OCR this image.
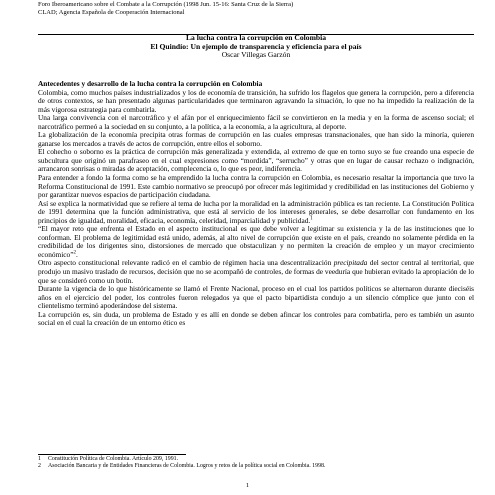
Foro Iberoamericano sobre el Combate a la Corrupción (1998 Jun. 15-16: Santa Cruz de la Sierra)
CLAD; Agencia Española de Cooperación Internacional
La lucha contra la corrupción en Colombia
El Quindío: Un ejemplo de transparencia y eficiencia para el país
Oscar Villegas Garzón

Antecedentes y desarrollo de la lucha contra la corrupción en Colombia

Colombia, como muchos países industrializados y los de economía de transición, ha sufrido los flagelos que genera la corrupción, pero a diferencia de otros contextos, se han presentado algunas particularidades que terminaron agravando la situación, lo que no ha impedido la realización de la más vigorosa estrategia para combatirla.

Una larga convivencia con el narcotráfico y el afán por el enriquecimiento fácil se convirtieron en la media y en la forma de ascenso social; el narcotráfico permeó a la sociedad en su conjunto, a la política, a la economía, a la agricultura, al deporte.

La globalización de la economía precipita otras formas de corrupción en las cuales empresas transnacionales, que han sido la minoría, quieren ganarse los mercados a través de actos de corrupción, entre ellos el soborno.

El cohecho o soborno es la práctica de corrupción más generalizada y extendida, al extremo de que en torno suyo se fue creando una especie de subcultura que originó un parafraseo en el cual expresiones como “mordida”, “serrucho” y otras que en lugar de causar rechazo o indignación, arrancaron sonrisas o miradas de aceptación, complecencia o, lo que es peor, indiferencia.

Para entender a fondo la forma como se ha emprendido la lucha contra la corrupción en Colombia, es necesario resaltar la importancia que tuvo la Reforma Constitucional de 1991. Este cambio normativo se preocupó por ofrecer más legitimidad y credibilidad en las instituciones del Gobierno y por garantizar nuevos espacios de participación ciudadana.

Así se explica la normatividad que se refiere al tema de lucha por la moralidad en la administración pública es tan reciente. La Constitución Política de 1991 determina que la función administrativa, que está al servicio de los intereses generales, se debe desarrollar con fundamento en los principios de igualdad, moralidad, eficacia, economía, celeridad, imparcialidad y publicidad.$^1$

“El mayor reto que enfrenta el Estado en el aspecto institucional es que debe volver a legitimar su existencia y la de las instituciones que lo conforman. El problema de legitimidad está unido, además, al alto nivel de corrupción que existe en el país, creando no solamente pérdida en la credibilidad de los dirigentes sino, distorsiones de mercado que obstaculizan y no permiten la creación de empleo y un mayor crecimiento económico”$^2$.

Otro aspecto constitucional relevante radicó en el cambio de régimen hacia una descentralización precipitada del sector central al territorial, que produjo un masivo traslado de recursos, decisión que no se acompañó de controles, de formas de veeduría que hubieran evitado la apropiación de lo que se consideró como un botín.

Durante la vigencia de lo que históricamente se llamó el Frente Nacional, proceso en el cual los partidos políticos se alternaron durante dieciséis años en el ejercicio del poder, los controles fueron relegados ya que el pacto bipartidista condujo a un silencio cómplice que junto con el clientelismo terminó apoderándose del sistema.

La corrupción es, sin duda, un problema de Estado y es allí en donde se deben afincar los controles para combatirla, pero es también un asunto social en el cual la creación de un entorno ético es

1	Constitución Política de Colombia. Artículo 209, 1991.
2	Asociación Bancaria y de Entidades Financieras de Colombia. Logros y retos de la política social en Colombia. 1998.
1
